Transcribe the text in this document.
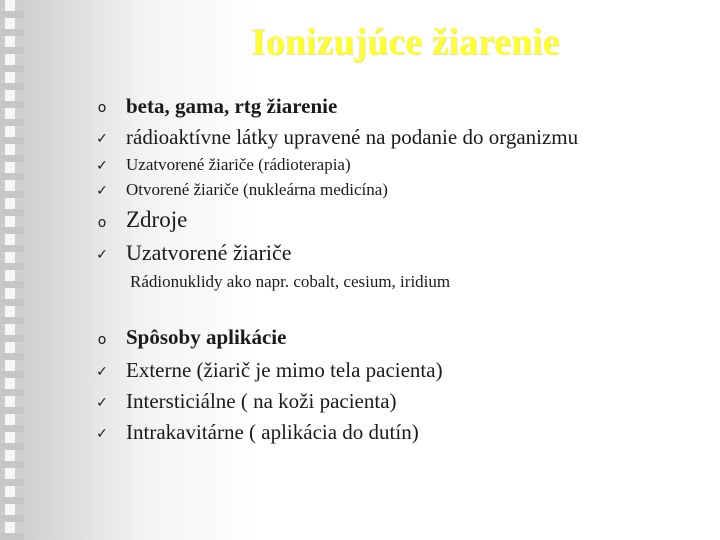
Ionizujúce žiarenie
o beta, gama, rtg žiarenie
✓ rádioaktívne látky upravené na podanie do organizmu
✓ Uzatvorené žiariče (rádioterapia)
✓ Otvorené žiariče (nukleárna medicína)
o Zdroje
✓ Uzatvorené žiariče
Rádionuklidy ako napr. cobalt, cesium, iridium
o Spôsoby aplikácie
✓ Externe (žiarič je mimo tela pacienta)
✓ Intersticiálne ( na koži pacienta)
✓ Intrakavitárne ( aplikácia do dutín)
